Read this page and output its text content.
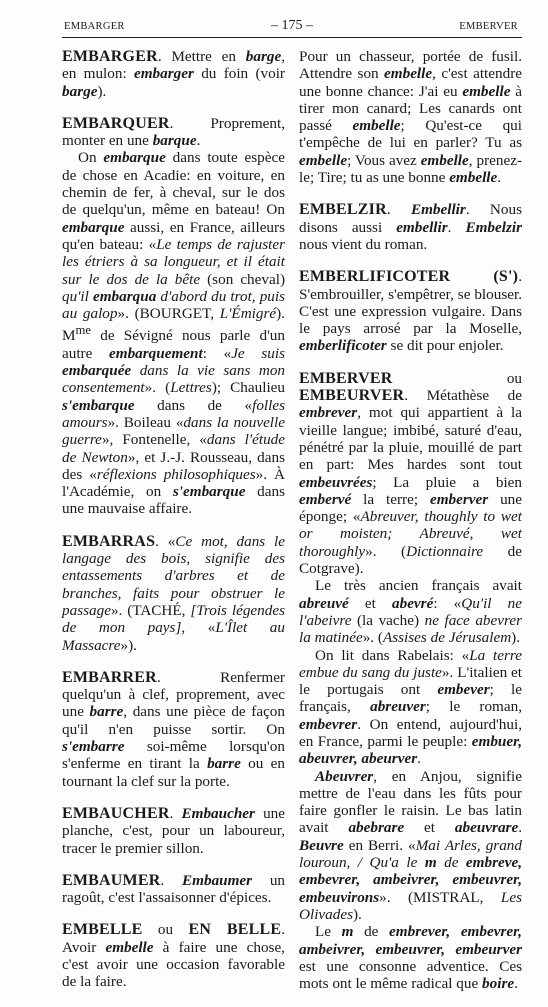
EMBARGER	– 175 –	EMBERVER

EMBARGER. Mettre en barge, en mulon: embarger du foin (voir barge).

EMBARQUER. Proprement, monter en une barque.

On embarque dans toute espèce de chose en Acadie: en voiture, en chemin de fer, à cheval, sur le dos de quelqu'un, même en bateau! On embarque aussi, en France, ailleurs qu'en bateau: «Le temps de rajuster les étriers à sa longueur, et il était sur le dos de la bête (son cheval) qu'il embarqua d'abord du trot, puis au galop». (BOURGET, L'Émigré). $M^{me}$ de Sévigné nous parle d'un autre embarquement: «Je suis embarquée dans la vie sans mon consentement». (Lettres); Chaulieu s'embarque dans de «folles amours». Boileau «dans la nouvelle guerre», Fontenelle, «dans l'étude de Newton», et J.-J. Rousseau, dans des «réflexions philosophiques». À l'Académie, on s'embarque dans une mauvaise affaire.

EMBARRAS. «Ce mot, dans le langage des bois, signifie des entassements d'arbres et de branches, faits pour obstruer le passage». (TACHÉ, [Trois légendes de mon pays], «L'Îlet au Massacre»).

EMBARRER. Renfermer quelqu'un à clef, proprement, avec une barre, dans une pièce de façon qu'il n'en puisse sortir. On s'embarre soi-même lorsqu'on s'enferme en tirant la barre ou en tournant la clef sur la porte.

EMBAUCHER. Embaucher une planche, c'est, pour un laboureur, tracer le premier sillon.

EMBAUMER. Embaumer un ragoût, c'est l'assaisonner d'épices.

EMBELLE ou EN BELLE. Avoir embelle à faire une chose, c'est avoir une occasion favorable de la faire.

Pour un chasseur, portée de fusil. Attendre son embelle, c'est attendre une bonne chance: J'ai eu embelle à tirer mon canard; Les canards ont passé embelle; Qu'est-ce qui t'empêche de lui en parler? Tu as embelle; Vous avez embelle, prenez-le; Tire; tu as une bonne embelle.

EMBELZIR. Embellir. Nous disons aussi embellir. Embelzir nous vient du roman.

EMBERLIFICOTER (S'). S'embrouiller, s'empêtrer, se blouser. C'est une expression vulgaire. Dans le pays arrosé par la Moselle, emberlificoter se dit pour enjoler.

EMBERVER ou EMBEURVER. Métathèse de embrever, mot qui appartient à la vieille langue; imbibé, saturé d'eau, pénétré par la pluie, mouillé de part en part: Mes hardes sont tout embeuvrées; La pluie a bien embervé la terre; emberver une éponge; «Abreuver, thoughly to wet or moisten; Abreuvé, wet thoroughly». (Dictionnaire de Cotgrave).

Le très ancien français avait abreuvé et abevré: «Qu'il ne l'abeivre (la vache) ne face abevrer la matinée». (Assises de Jérusalem).

On lit dans Rabelais: «La terre embue du sang du juste». L'italien et le portugais ont embever; le français, abreuver; le roman, embevrer. On entend, aujourd'hui, en France, parmi le peuple: embuer, abeuvrer, abeurver.

Abeuvrer, en Anjou, signifie mettre de l'eau dans les fûts pour faire gonfler le raisin. Le bas latin avait abebrare et abeuvrare. Beuvre en Berri. «Mai Arles, grand louroun, / Qu'a le m de embreve, embevrer, ambeivrer, embeuvrer, embeuvirons». (MISTRAL, Les Olivades).

Le m de embrever, embevrer, ambeivrer, embeuvrer, embeurver est une consonne adventice. Ces mots ont le même radical que boire.
